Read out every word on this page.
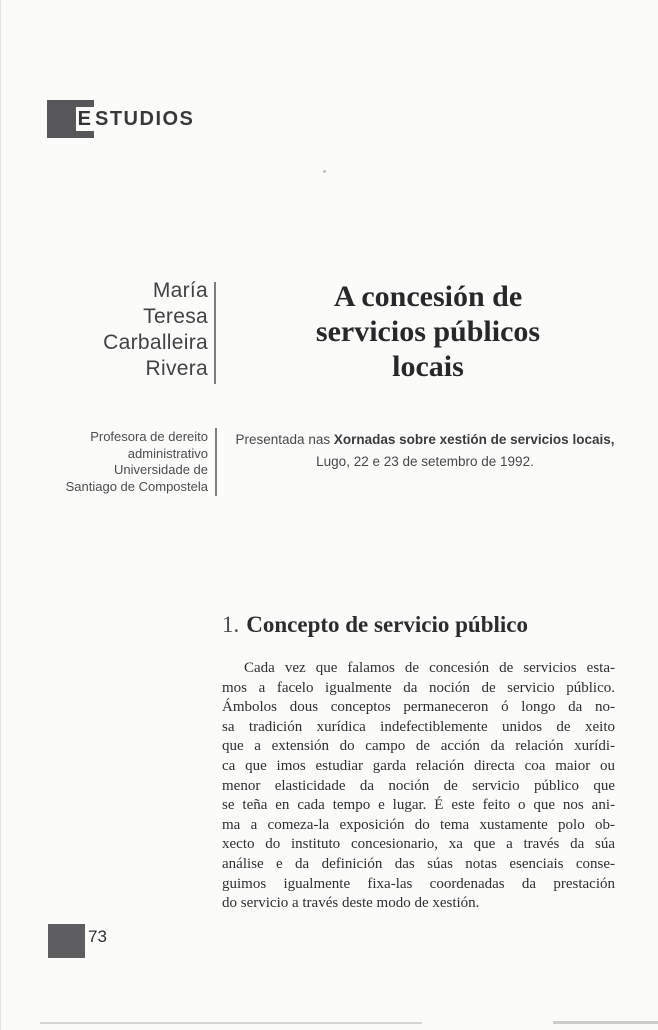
E STUDIOS
María
Teresa
Carballeira
Rivera
A concesión de
servicios públicos
locais
Profesora de dereito
administrativo
Universidade de
Santiago de Compostela
Presentada nas Xornadas sobre xestión de servicios locais,
Lugo, 22 e 23 de setembro de 1992.
1. Concepto de servicio público
Cada vez que falamos de concesión de servicios esta-
mos a facelo igualmente da noción de servicio público.
Ámbolos dous conceptos permaneceron ó longo da no-
sa tradición xurídica indefectiblemente unidos de xeito
que a extensión do campo de acción da relación xurídi-
ca que imos estudiar garda relación directa coa maior ou
menor elasticidade da noción de servicio público que
se teña en cada tempo e lugar. É este feito o que nos ani-
ma a comeza-la exposición do tema xustamente polo ob-
xecto do instituto concesionario, xa que a través da súa
análise e da definición das súas notas esenciais conse-
guimos igualmente fixa-las coordenadas da prestación
do servicio a través deste modo de xestión.
73
